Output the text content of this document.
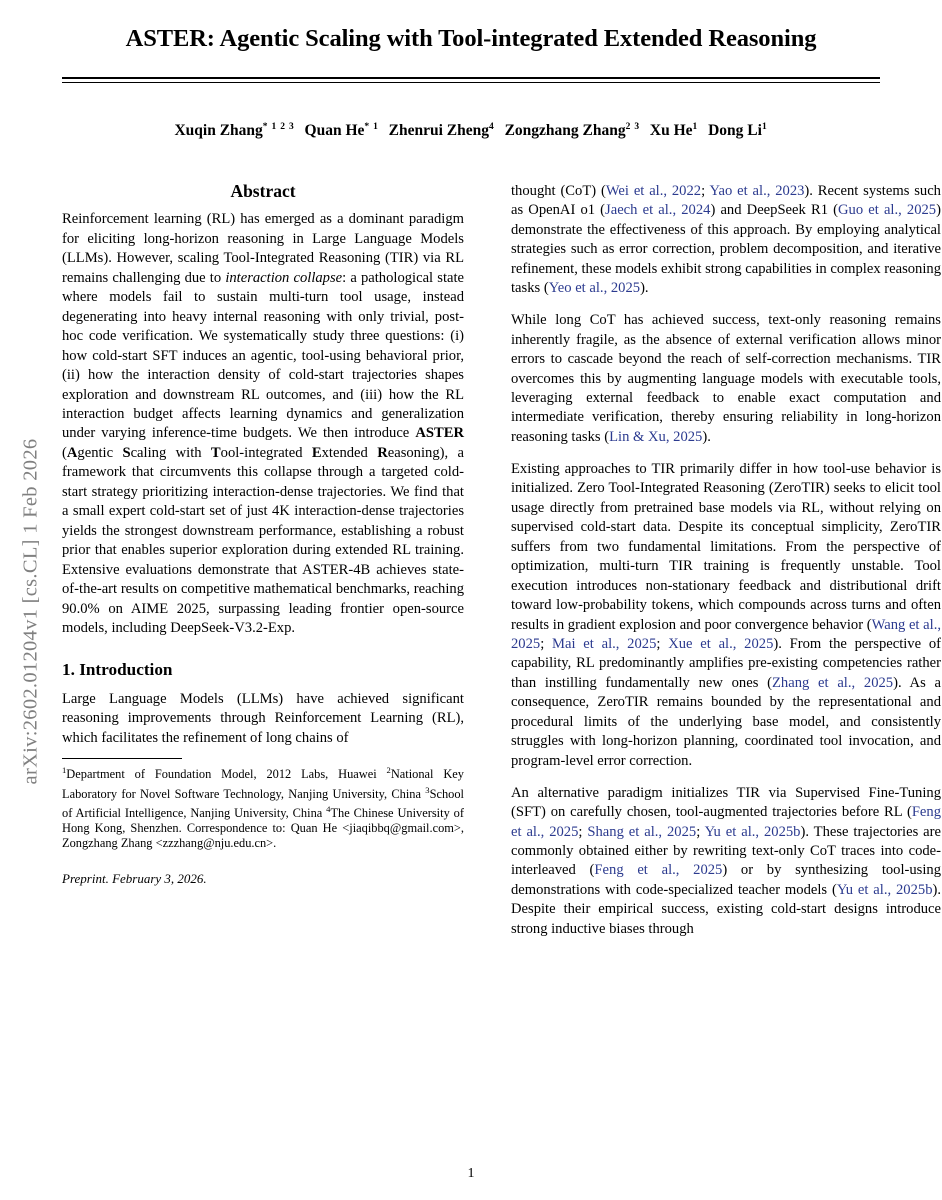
arXiv:2602.01204v1 [cs.CL] 1 Feb 2026
ASTER: Agentic Scaling with Tool-integrated Extended Reasoning
Xuqin Zhang$^{* 1 2 3}$ Quan He$^{* 1}$ Zhenrui Zheng$^4$ Zongzhang Zhang$^{2 3}$ Xu He$^1$ Dong Li$^1$
Abstract

Reinforcement learning (RL) has emerged as a dominant paradigm for eliciting long-horizon reasoning in Large Language Models (LLMs). However, scaling Tool-Integrated Reasoning (TIR) via RL remains challenging due to interaction collapse: a pathological state where models fail to sustain multi-turn tool usage, instead degenerating into heavy internal reasoning with only trivial, post-hoc code verification. We systematically study three questions: (i) how cold-start SFT induces an agentic, tool-using behavioral prior, (ii) how the interaction density of cold-start trajectories shapes exploration and downstream RL outcomes, and (iii) how the RL interaction budget affects learning dynamics and generalization under varying inference-time budgets. We then introduce ASTER (Agentic Scaling with Tool-integrated Extended Reasoning), a framework that circumvents this collapse through a targeted cold-start strategy prioritizing interaction-dense trajectories. We find that a small expert cold-start set of just 4K interaction-dense trajectories yields the strongest downstream performance, establishing a robust prior that enables superior exploration during extended RL training. Extensive evaluations demonstrate that ASTER-4B achieves state-of-the-art results on competitive mathematical benchmarks, reaching 90.0% on AIME 2025, surpassing leading frontier open-source models, including DeepSeek-V3.2-Exp.

1. Introduction

Large Language Models (LLMs) have achieved significant reasoning improvements through Reinforcement Learning (RL), which facilitates the refinement of long chains of

$^1$Department of Foundation Model, 2012 Labs, Huawei $^2$National Key Laboratory for Novel Software Technology, Nanjing University, China $^3$School of Artificial Intelligence, Nanjing University, China $^4$The Chinese University of Hong Kong, Shenzhen. Correspondence to: Quan He <jiaqibbq@gmail.com>, Zongzhang Zhang <zzzhang@nju.edu.cn>.

Preprint. February 3, 2026.

thought (CoT) (Wei et al., 2022; Yao et al., 2023). Recent systems such as OpenAI o1 (Jaech et al., 2024) and DeepSeek R1 (Guo et al., 2025) demonstrate the effectiveness of this approach. By employing analytical strategies such as error correction, problem decomposition, and iterative refinement, these models exhibit strong capabilities in complex reasoning tasks (Yeo et al., 2025).

While long CoT has achieved success, text-only reasoning remains inherently fragile, as the absence of external verification allows minor errors to cascade beyond the reach of self-correction mechanisms. TIR overcomes this by augmenting language models with executable tools, leveraging external feedback to enable exact computation and intermediate verification, thereby ensuring reliability in long-horizon reasoning tasks (Lin & Xu, 2025).

Existing approaches to TIR primarily differ in how tool-use behavior is initialized. Zero Tool-Integrated Reasoning (ZeroTIR) seeks to elicit tool usage directly from pretrained base models via RL, without relying on supervised cold-start data. Despite its conceptual simplicity, ZeroTIR suffers from two fundamental limitations. From the perspective of optimization, multi-turn TIR training is frequently unstable. Tool execution introduces non-stationary feedback and distributional drift toward low-probability tokens, which compounds across turns and often results in gradient explosion and poor convergence behavior (Wang et al., 2025; Mai et al., 2025; Xue et al., 2025). From the perspective of capability, RL predominantly amplifies pre-existing competencies rather than instilling fundamentally new ones (Zhang et al., 2025). As a consequence, ZeroTIR remains bounded by the representational and procedural limits of the underlying base model, and consistently struggles with long-horizon planning, coordinated tool invocation, and program-level error correction.

An alternative paradigm initializes TIR via Supervised Fine-Tuning (SFT) on carefully chosen, tool-augmented trajectories before RL (Feng et al., 2025; Shang et al., 2025; Yu et al., 2025b). These trajectories are commonly obtained either by rewriting text-only CoT traces into code-interleaved (Feng et al., 2025) or by synthesizing tool-using demonstrations with code-specialized teacher models (Yu et al., 2025b). Despite their empirical success, existing cold-start designs introduce strong inductive biases through

1
